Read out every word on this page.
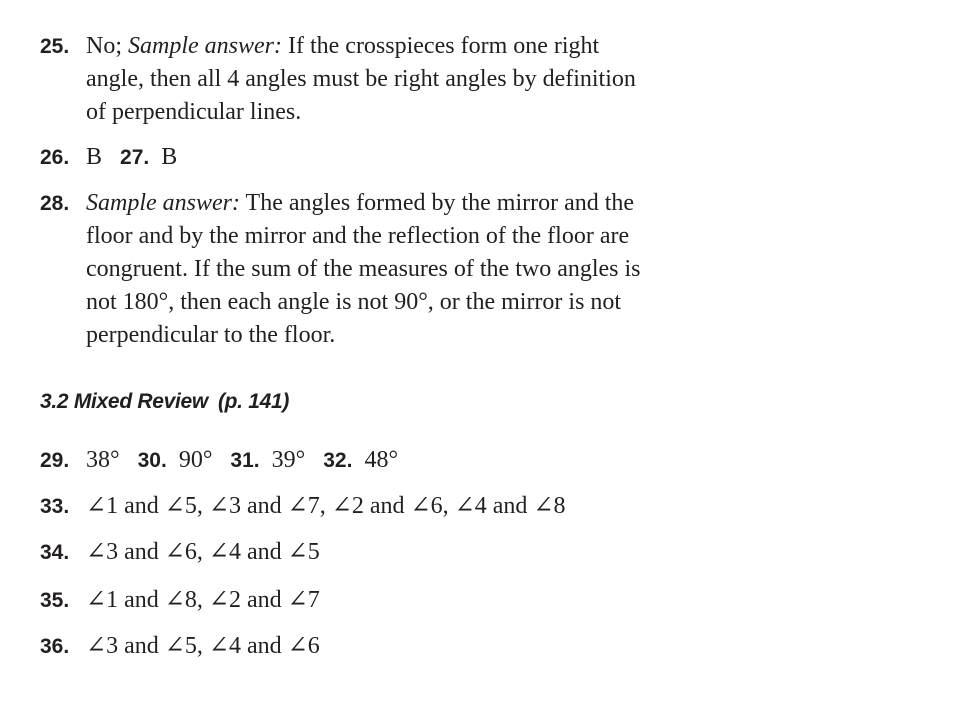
25. No; Sample answer: If the crosspieces form one right
angle, then all 4 angles must be right angles by definition
of perpendicular lines.
26. B 27. B
28. Sample answer: The angles formed by the mirror and the
floor and by the mirror and the reflection of the floor are
congruent. If the sum of the measures of the two angles is
not 180°, then each angle is not 90°, or the mirror is not
perpendicular to the floor.
3.2 Mixed Review (p. 141)
29. 38° 30. 90° 31. 39° 32. 48°
33. ∠1 and ∠5, ∠3 and ∠7, ∠2 and ∠6, ∠4 and ∠8
34. ∠3 and ∠6, ∠4 and ∠5
35. ∠1 and ∠8, ∠2 and ∠7
36. ∠3 and ∠5, ∠4 and ∠6
